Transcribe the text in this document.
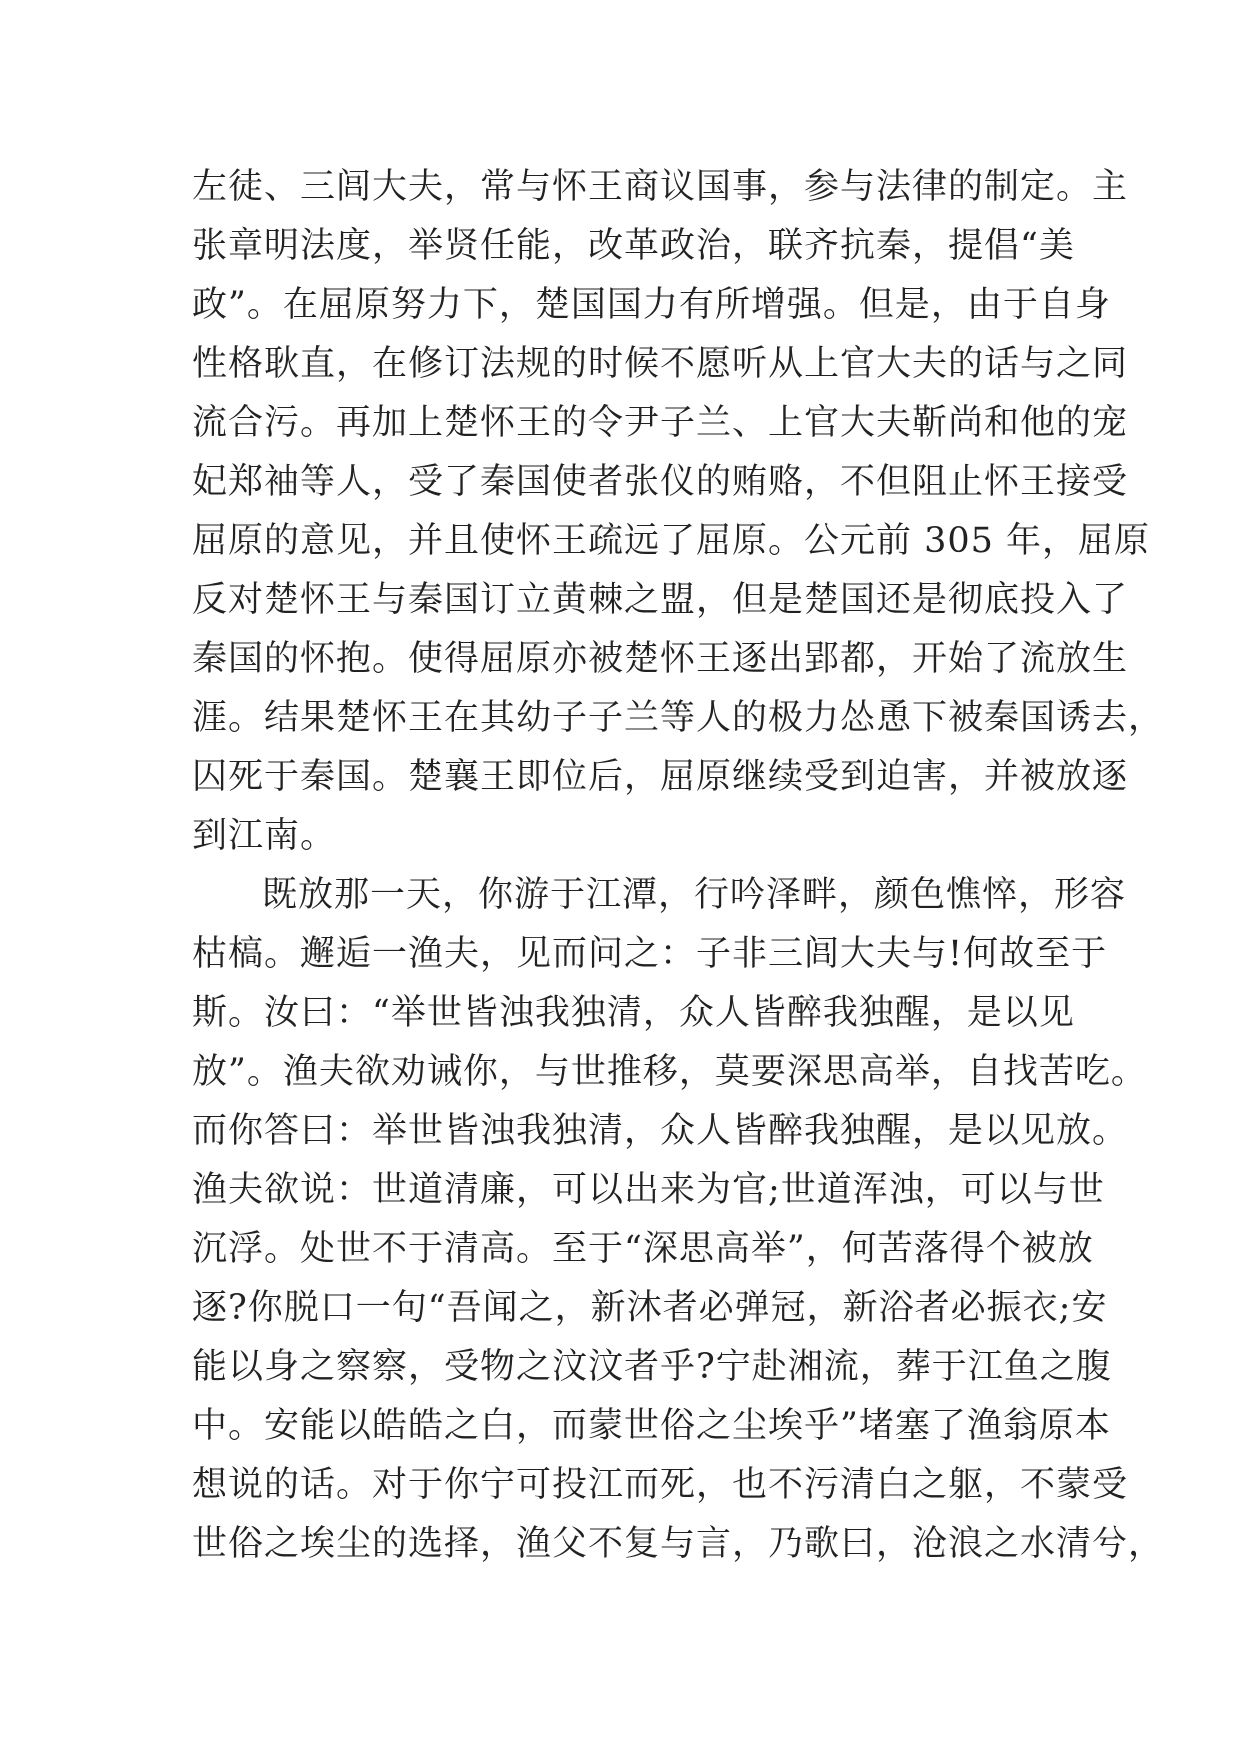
左徒、三闾大夫，常与怀王商议国事，参与法律的制定。主
张章明法度，举贤任能，改革政治，联齐抗秦，提倡“美
政”。在屈原努力下，楚国国力有所增强。但是，由于自身
性格耿直，在修订法规的时候不愿听从上官大夫的话与之同
流合污。再加上楚怀王的令尹子兰、上官大夫靳尚和他的宠
妃郑袖等人，受了秦国使者张仪的贿赂，不但阻止怀王接受
屈原的意见，并且使怀王疏远了屈原。公元前 305 年，屈原
反对楚怀王与秦国订立黄棘之盟，但是楚国还是彻底投入了
秦国的怀抱。使得屈原亦被楚怀王逐出郢都，开始了流放生
涯。结果楚怀王在其幼子子兰等人的极力怂恿下被秦国诱去，
囚死于秦国。楚襄王即位后，屈原继续受到迫害，并被放逐
到江南。
既放那一天，你游于江潭，行吟泽畔，颜色憔悴，形容
枯槁。邂逅一渔夫，见而问之：子非三闾大夫与!何故至于
斯。汝曰：“举世皆浊我独清，众人皆醉我独醒，是以见
放”。渔夫欲劝诫你，与世推移，莫要深思高举，自找苦吃。
而你答曰：举世皆浊我独清，众人皆醉我独醒，是以见放。
渔夫欲说：世道清廉，可以出来为官;世道浑浊，可以与世
沉浮。处世不于清高。至于“深思高举”，何苦落得个被放
逐?你脱口一句“吾闻之，新沐者必弹冠，新浴者必振衣;安
能以身之察察，受物之汶汶者乎?宁赴湘流，葬于江鱼之腹
中。安能以皓皓之白，而蒙世俗之尘埃乎”堵塞了渔翁原本
想说的话。对于你宁可投江而死，也不污清白之躯，不蒙受
世俗之埃尘的选择，渔父不复与言，乃歌曰，沧浪之水清兮，
